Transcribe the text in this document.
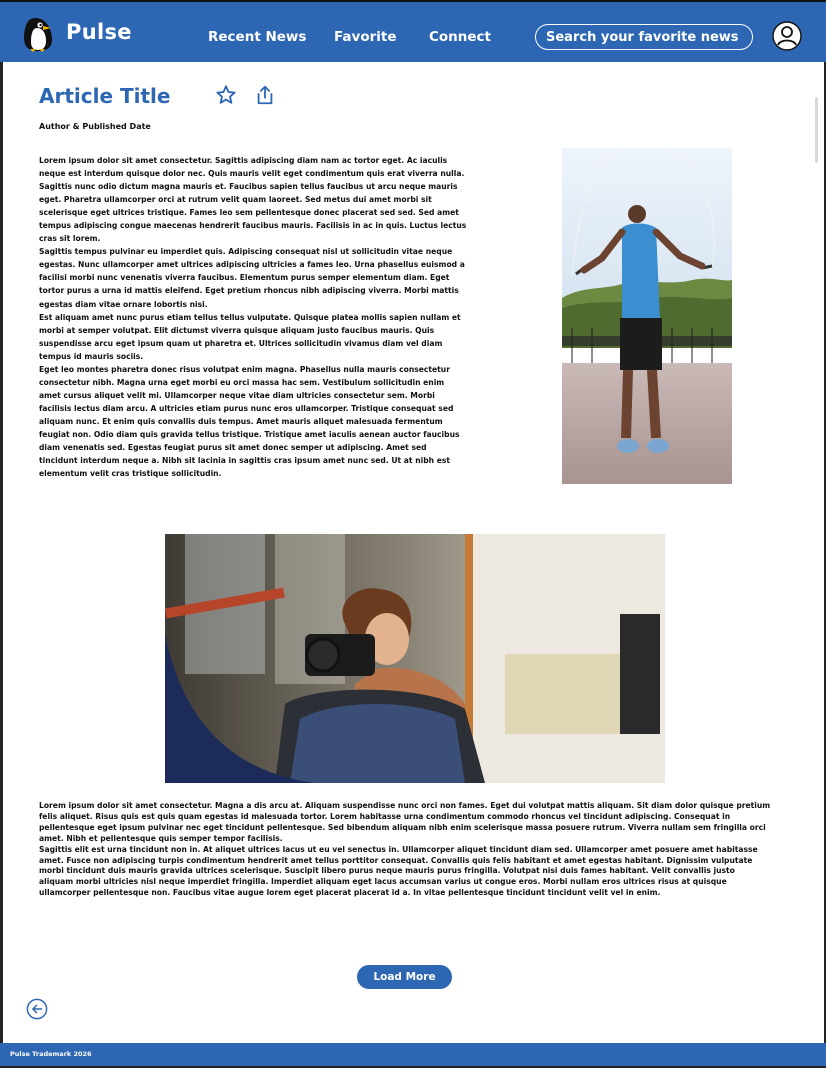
Pulse	Recent News Favorite Connect
Search your favorite news
Article Title
Author & Published Date

Lorem ipsum dolor sit amet consectetur. Sagittis adipiscing diam nam ac tortor eget. Ac iaculis neque est interdum quisque dolor nec. Quis mauris velit eget condimentum quis erat viverra nulla. Sagittis nunc odio dictum magna mauris et. Faucibus sapien tellus faucibus ut arcu neque mauris eget. Pharetra ullamcorper orci at rutrum velit quam laoreet. Sed metus dui amet morbi sit scelerisque eget ultrices tristique. Fames leo sem pellentesque donec placerat sed sed. Sed amet tempus adipiscing congue maecenas hendrerit faucibus mauris. Facilisis in ac in quis. Luctus lectus cras sit lorem.

Sagittis tempus pulvinar eu imperdiet quis. Adipiscing consequat nisl ut sollicitudin vitae neque egestas. Nunc ullamcorper amet ultrices adipiscing ultricies a fames leo. Urna phasellus euismod a facilisi morbi nunc venenatis viverra faucibus. Elementum purus semper elementum diam. Eget tortor purus a urna id mattis eleifend. Eget pretium rhoncus nibh adipiscing viverra. Morbi mattis egestas diam vitae ornare lobortis nisi.

Est aliquam amet nunc purus etiam tellus tellus vulputate. Quisque platea mollis sapien nullam et morbi at semper volutpat. Elit dictumst viverra quisque aliquam justo faucibus mauris. Quis suspendisse arcu eget ipsum quam ut pharetra et. Ultrices sollicitudin vivamus diam vel diam tempus id mauris sociis.

Eget leo montes pharetra donec risus volutpat enim magna. Phasellus nulla mauris consectetur consectetur nibh. Magna urna eget morbi eu orci massa hac sem. Vestibulum sollicitudin enim amet cursus aliquet velit mi. Ullamcorper neque vitae diam ultricies consectetur sem. Morbi facilisis lectus diam arcu. A ultricies etiam purus nunc eros ullamcorper. Tristique consequat sed aliquam nunc. Et enim quis convallis duis tempus. Amet mauris aliquet malesuada fermentum feugiat non. Odio diam quis gravida tellus tristique. Tristique amet iaculis aenean auctor faucibus diam venenatis sed. Egestas feugiat purus sit amet donec semper ut adipiscing. Amet sed tincidunt interdum neque a. Nibh sit lacinia in sagittis cras ipsum amet nunc sed. Ut at nibh est elementum velit cras tristique sollicitudin.

Lorem ipsum dolor sit amet consectetur. Magna a dis arcu at. Aliquam suspendisse nunc orci non fames. Eget dui volutpat mattis aliquam. Sit diam dolor quisque pretium felis aliquet. Risus quis est quis quam egestas id malesuada tortor. Lorem habitasse urna condimentum commodo rhoncus vel tincidunt adipiscing. Consequat in pellentesque eget ipsum pulvinar nec eget tincidunt pellentesque. Sed bibendum aliquam nibh enim scelerisque massa posuere rutrum. Viverra nullam sem fringilla orci amet. Nibh et pellentesque quis semper tempor facilisis.

Sagittis elit est urna tincidunt non in. At aliquet ultrices lacus ut eu vel senectus in. Ullamcorper aliquet tincidunt diam sed. Ullamcorper amet posuere amet habitasse amet. Fusce non adipiscing turpis condimentum hendrerit amet tellus porttitor consequat. Convallis quis felis habitant et amet egestas habitant. Dignissim vulputate morbi tincidunt duis mauris gravida ultrices scelerisque. Suscipit libero purus neque mauris purus fringilla. Volutpat nisi duis fames habitant. Velit convallis justo aliquam morbi ultricies nisl neque imperdiet fringilla. Imperdiet aliquam eget lacus accumsan varius ut congue eros. Morbi nullam eros ultrices risus at quisque ullamcorper pellentesque non. Faucibus vitae augue lorem eget placerat placerat id a. In vitae pellentesque tincidunt tincidunt velit vel in enim.

Load More
Pulse Trademark 2026
